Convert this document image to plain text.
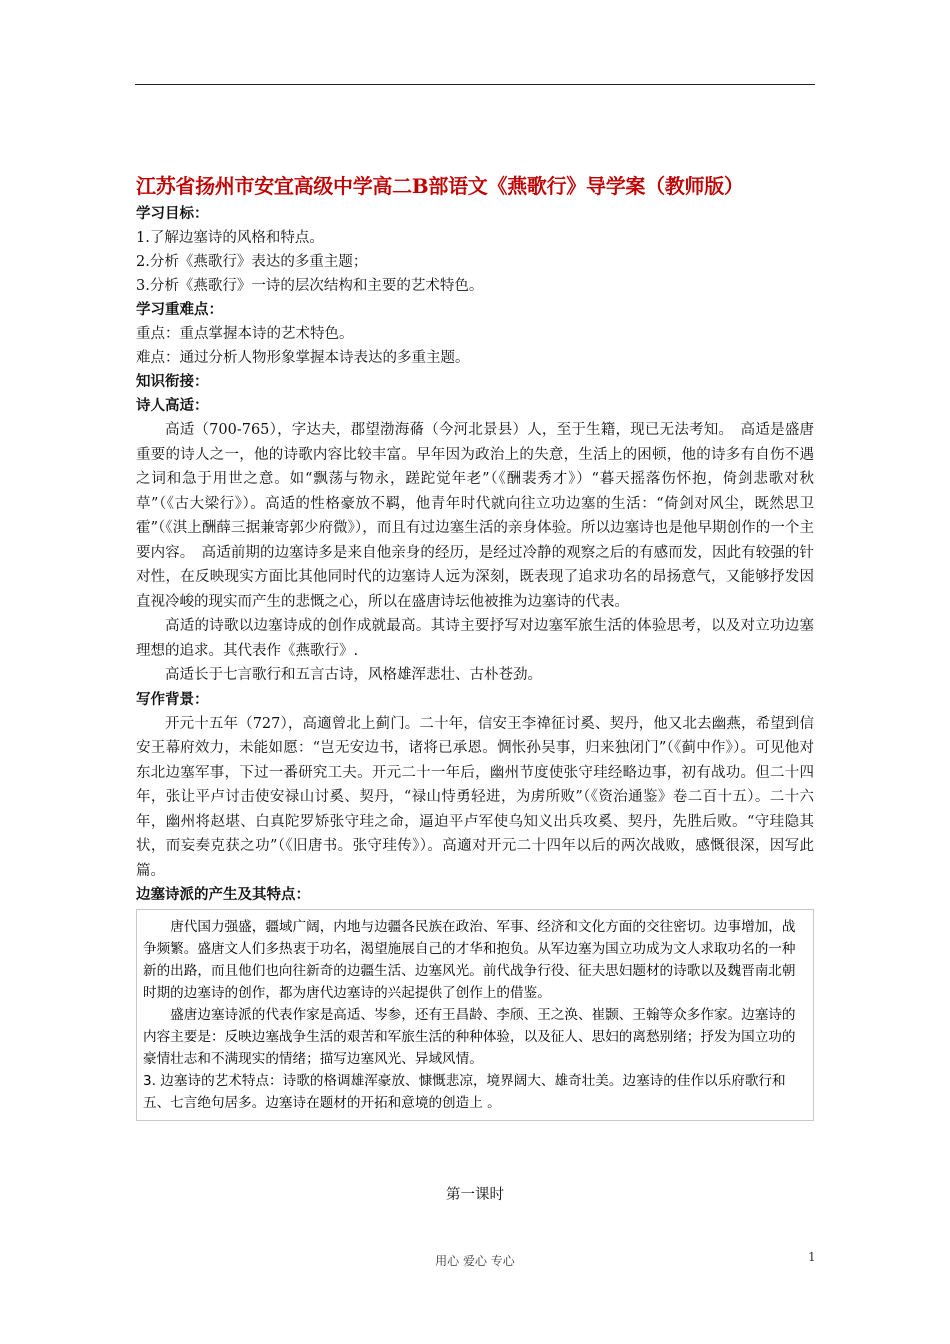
江苏省扬州市安宜高级中学高二B部语文《燕歌行》导学案（教师版）
学习目标：
1.了解边塞诗的风格和特点。
2.分析《燕歌行》表达的多重主题；
3.分析《燕歌行》一诗的层次结构和主要的艺术特色。
学习重难点：
重点：重点掌握本诗的艺术特色。
难点：通过分析人物形象掌握本诗表达的多重主题。
知识衔接：
诗人高适：

高适（700-765），字达夫，郡望渤海蓨（今河北景县）人，至于生籍，现已无法考知。　高适是盛唐重要的诗人之一，他的诗歌内容比较丰富。早年因为政治上的失意，生活上的困顿，他的诗多有自伤不遇之词和急于用世之意。如“飘荡与物永，蹉跎觉年老”（《酬裴秀才》）“暮天摇落伤怀抱，倚剑悲歌对秋草”（《古大梁行》）。高适的性格豪放不羁，他青年时代就向往立功边塞的生活：“倚剑对风尘，既然思卫霍”（《淇上酬薛三据兼寄郭少府微》），而且有过边塞生活的亲身体验。所以边塞诗也是他早期创作的一个主要内容。　高适前期的边塞诗多是来自他亲身的经历，是经过冷静的观察之后的有感而发，因此有较强的针对性，在反映现实方面比其他同时代的边塞诗人远为深刻，既表现了追求功名的昂扬意气，又能够抒发因直视冷峻的现实而产生的悲慨之心，所以在盛唐诗坛他被推为边塞诗的代表。

高适的诗歌以边塞诗成的创作成就最高。其诗主要抒写对边塞军旅生活的体验思考，以及对立功边塞理想的追求。其代表作《燕歌行》.

高适长于七言歌行和五言古诗，风格雄浑悲壮、古朴苍劲。

写作背景：

开元十五年（727），高適曾北上蓟门。二十年，信安王李禕征讨奚、契丹，他又北去幽燕，希望到信安王幕府效力，未能如愿：“岂无安边书，诸将已承恩。惆怅孙吴事，归来独闭门”（《蓟中作》）。可见他对东北边塞军事，下过一番研究工夫。开元二十一年后，幽州节度使张守珪经略边事，初有战功。但二十四年，张让平卢讨击使安禄山讨奚、契丹，“禄山恃勇轻进，为虏所败”（《资治通鉴》卷二百十五）。二十六年，幽州将赵堪、白真陀罗矫张守珪之命，逼迫平卢军使乌知义出兵攻奚、契丹，先胜后败。“守珪隐其状，而妄奏克获之功”（《旧唐书。张守珪传》）。高適对开元二十四年以后的两次战败，感慨很深，因写此篇。

边塞诗派的产生及其特点：

唐代国力强盛，疆域广阔，内地与边疆各民族在政治、军事、经济和文化方面的交往密切。边事增加，战争频繁。盛唐文人们多热衷于功名，渴望施展自己的才华和抱负。从军边塞为国立功成为文人求取功名的一种新的出路，而且他们也向往新奇的边疆生活、边塞风光。前代战争行役、征夫思妇题材的诗歌以及魏晋南北朝时期的边塞诗的创作，都为唐代边塞诗的兴起提供了创作上的借鉴。

盛唐边塞诗派的代表作家是高适、岑参，还有王昌龄、李颀、王之涣、崔颢、王翰等众多作家。边塞诗的内容主要是：反映边塞战争生活的艰苦和军旅生活的种种体验，以及征人、思妇的离愁别绪；抒发为国立功的豪情壮志和不满现实的情绪；描写边塞风光、异域风情。

3. 边塞诗的艺术特点：诗歌的格调雄浑豪放、慷慨悲凉，境界阔大、雄奇壮美。边塞诗的佳作以乐府歌行和五、七言绝句居多。边塞诗在题材的开拓和意境的创造上 。

第一课时
用心 爱心 专心	1
